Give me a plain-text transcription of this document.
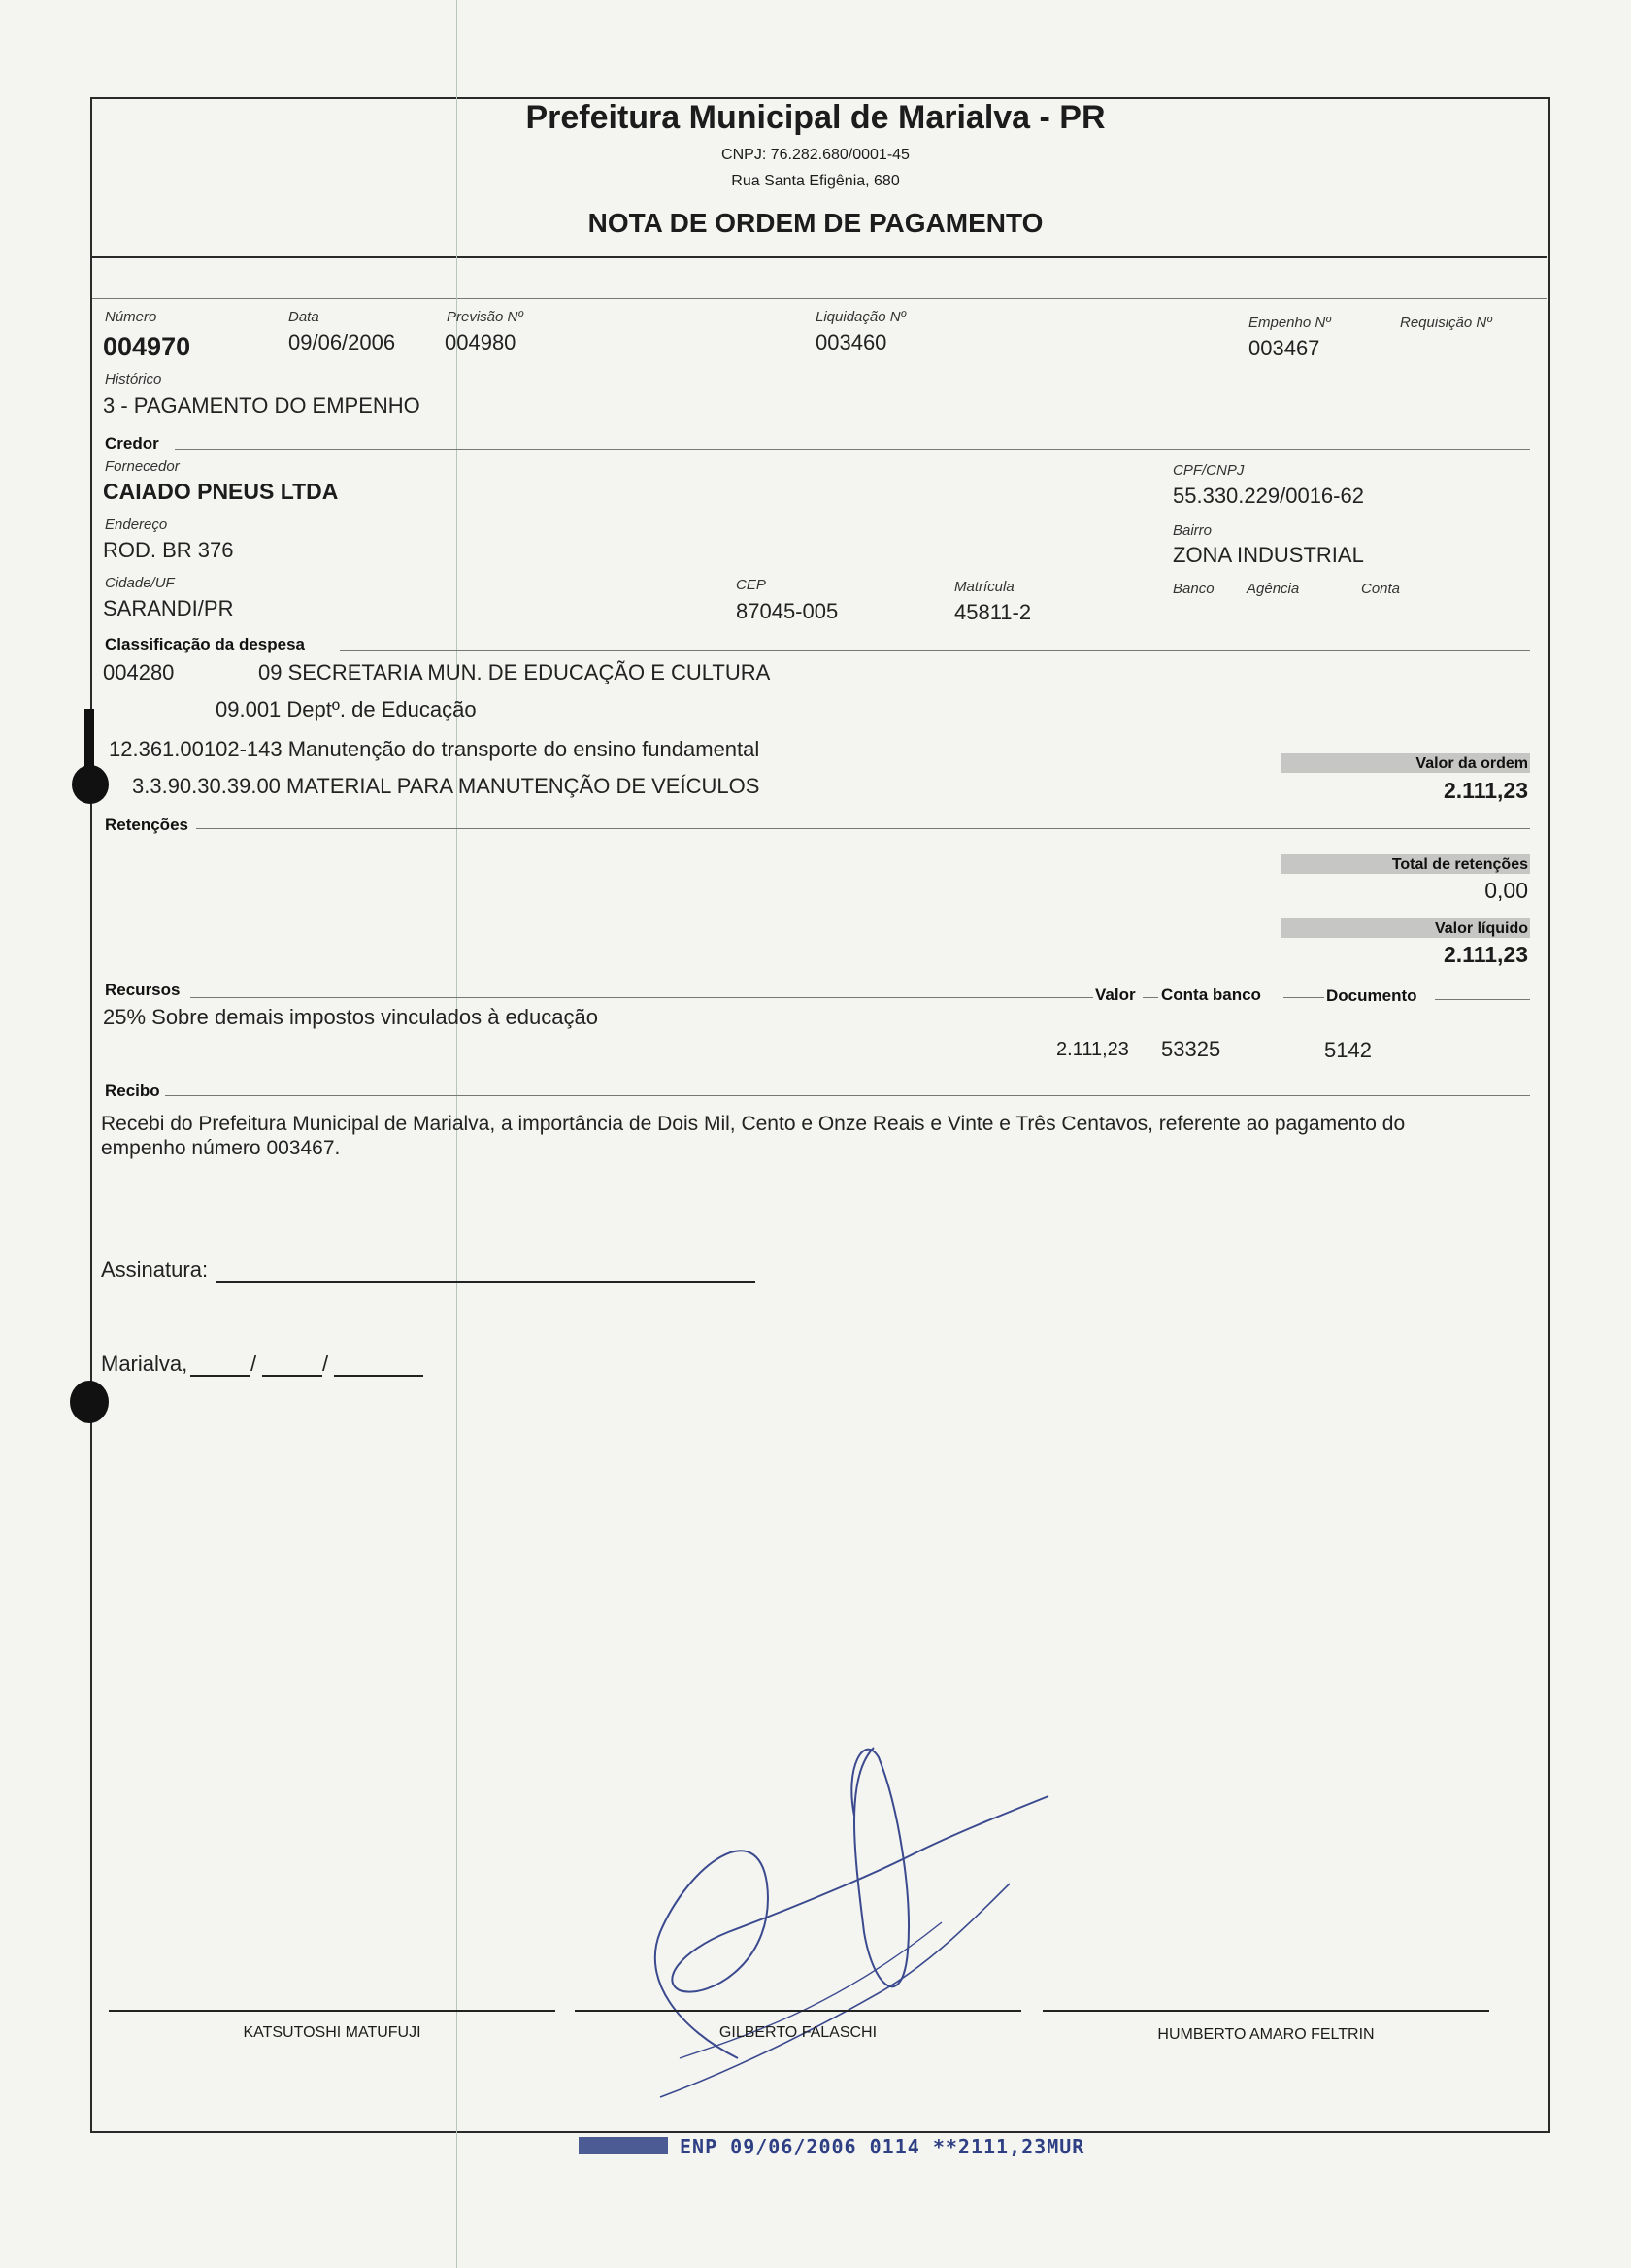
Prefeitura Municipal de Marialva - PR
CNPJ: 76.282.680/0001-45
Rua Santa Efigênia, 680
NOTA DE ORDEM DE PAGAMENTO
Número
004970
Data
09/06/2006
Previsão Nº
004980
Liquidação Nº
003460
Empenho Nº
003467
Requisição Nº
Histórico
3 - PAGAMENTO DO EMPENHO
Credor
Fornecedor
CAIADO PNEUS LTDA
CPF/CNPJ
55.330.229/0016-62
Endereço
ROD. BR 376
Bairro
ZONA INDUSTRIAL
Cidade/UF
SARANDI/PR
CEP
87045-005
Matrícula
45811-2
Banco Agência	Conta
Classificação da despesa
004280	09 SECRETARIA MUN. DE EDUCAÇÃO E CULTURA
09.001 Deptº. de Educação
12.361.00102-143 Manutenção do transporte do ensino fundamental
3.3.90.30.39.00 MATERIAL PARA MANUTENÇÃO DE VEÍCULOS
Valor da ordem
2.111,23
Retenções
Total de retenções
0,00
Valor líquido
2.111,23
Recursos	Valor Conta banco	Documento
25% Sobre demais impostos vinculados à educação
2.111,23 53325	5142
Recibo
Recebi do Prefeitura Municipal de Marialva, a importância de Dois Mil, Cento e Onze Reais e Vinte e Três Centavos, referente ao pagamento do
empenho número 003467.
Assinatura:
Marialva,	/	/
KATSUTOSHI MATUFUJI	GILBERTO FALASCHI	HUMBERTO AMARO FELTRIN
ENP 09/06/2006 0114 **2111,23MUR
